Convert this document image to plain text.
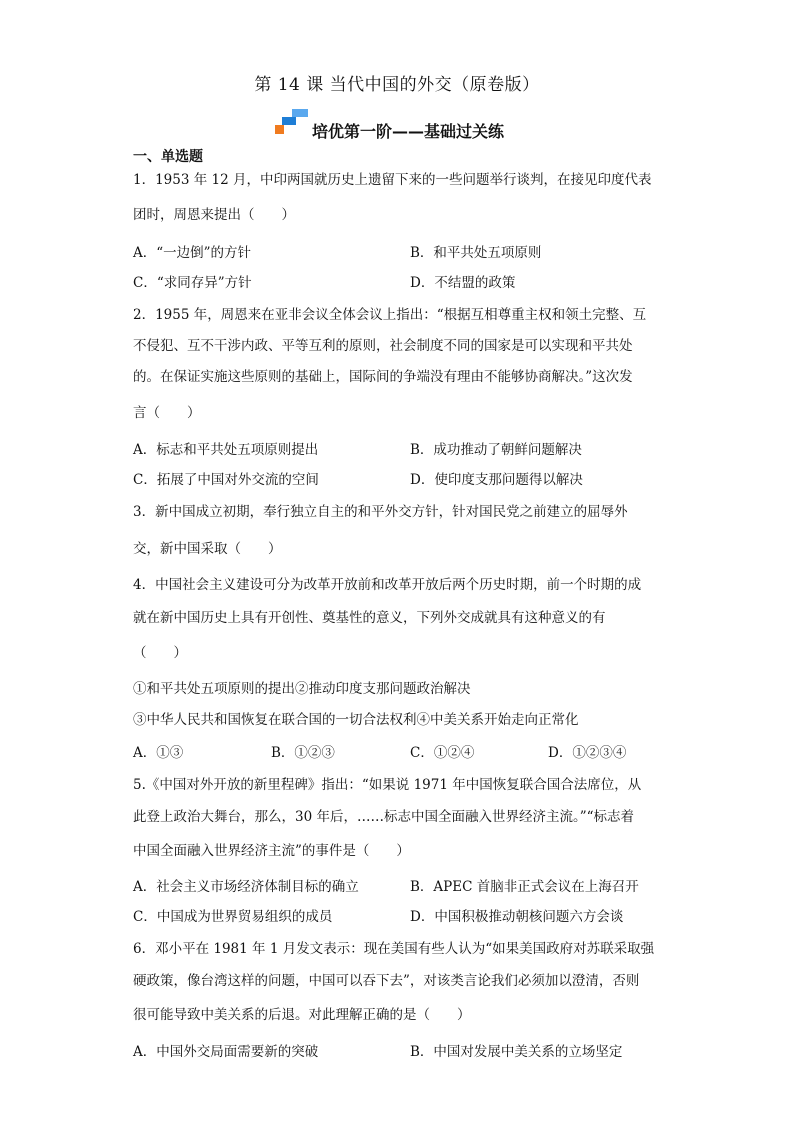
第 14 课 当代中国的外交（原卷版）
培优第一阶——基础过关练
一、单选题
1．1953 年 12 月，中印两国就历史上遗留下来的一些问题举行谈判，在接见印度代表
团时，周恩来提出（　　）
A．“一边倒”的方针	B．和平共处五项原则
C．“求同存异”方针	D．不结盟的政策
2．1955 年，周恩来在亚非会议全体会议上指出：“根据互相尊重主权和领土完整、互
不侵犯、互不干涉内政、平等互利的原则，社会制度不同的国家是可以实现和平共处
的。在保证实施这些原则的基础上，国际间的争端没有理由不能够协商解决。”这次发
言（　　）
A．标志和平共处五项原则提出	B．成功推动了朝鲜问题解决
C．拓展了中国对外交流的空间	D．使印度支那问题得以解决
3．新中国成立初期，奉行独立自主的和平外交方针，针对国民党之前建立的屈辱外
交，新中国采取（　　）
4．中国社会主义建设可分为改革开放前和改革开放后两个历史时期，前一个时期的成
就在新中国历史上具有开创性、奠基性的意义，下列外交成就具有这种意义的有
（　　）
①和平共处五项原则的提出②推动印度支那问题政治解决
③中华人民共和国恢复在联合国的一切合法权利④中美关系开始走向正常化
A．①③	B．①②③	C．①②④	D．①②③④
5.《中国对外开放的新里程碑》指出：“如果说 1971 年中国恢复联合国合法席位，从
此登上政治大舞台，那么，30 年后，……标志中国全面融入世界经济主流。”“标志着
中国全面融入世界经济主流”的事件是（　　）
A．社会主义市场经济体制目标的确立	B．APEC 首脑非正式会议在上海召开
C．中国成为世界贸易组织的成员	D．中国积极推动朝核问题六方会谈
6．邓小平在 1981 年 1 月发文表示：现在美国有些人认为“如果美国政府对苏联采取强
硬政策，像台湾这样的问题，中国可以吞下去”，对该类言论我们必须加以澄清，否则
很可能导致中美关系的后退。对此理解正确的是（　　）
A．中国外交局面需要新的突破	B．中国对发展中美关系的立场坚定
